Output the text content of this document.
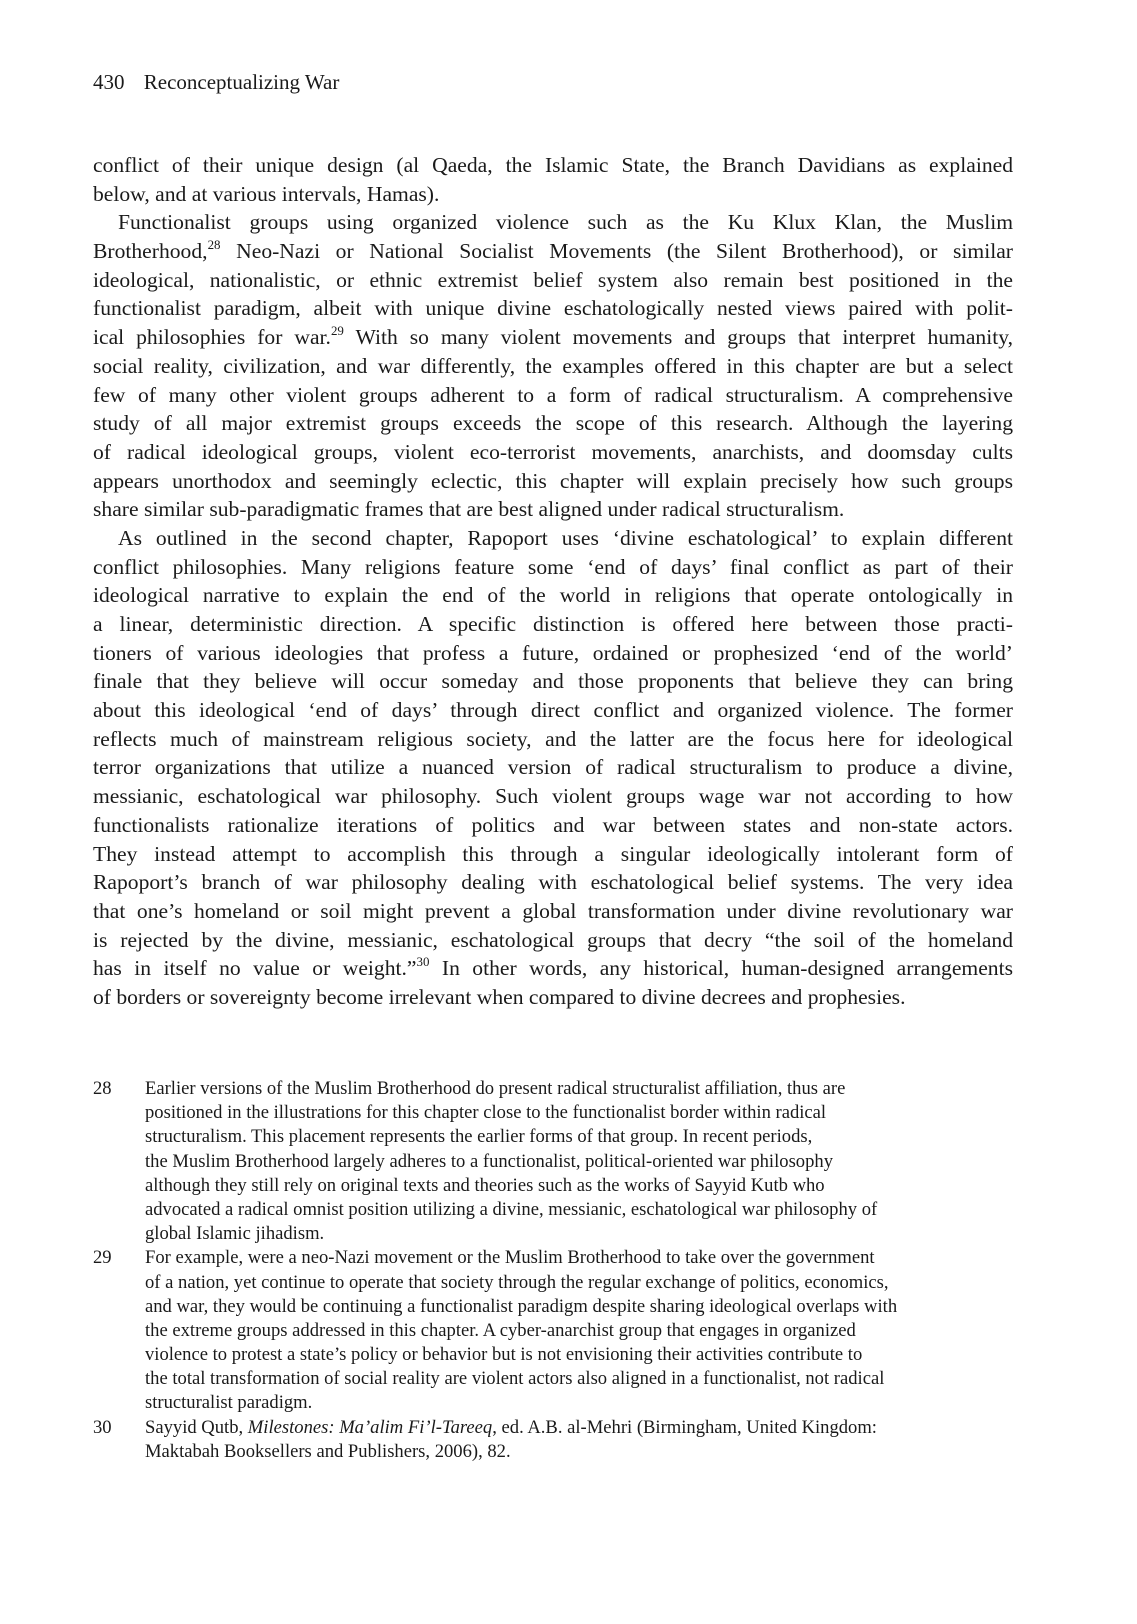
430 Reconceptualizing War
conflict of their unique design (al Qaeda, the Islamic State, the Branch Davidians as explained
below, and at various intervals, Hamas).
Functionalist groups using organized violence such as the Ku Klux Klan, the Muslim
Brotherhood,$^{28}$ Neo-Nazi or National Socialist Movements (the Silent Brotherhood), or similar
ideological, nationalistic, or ethnic extremist belief system also remain best positioned in the
functionalist paradigm, albeit with unique divine eschatologically nested views paired with polit-
ical philosophies for war.$^{29}$ With so many violent movements and groups that interpret humanity,
social reality, civilization, and war differently, the examples offered in this chapter are but a select
few of many other violent groups adherent to a form of radical structuralism. A comprehensive
study of all major extremist groups exceeds the scope of this research. Although the layering
of radical ideological groups, violent eco-terrorist movements, anarchists, and doomsday cults
appears unorthodox and seemingly eclectic, this chapter will explain precisely how such groups
share similar sub-paradigmatic frames that are best aligned under radical structuralism.
As outlined in the second chapter, Rapoport uses ‘divine eschatological’ to explain different
conflict philosophies. Many religions feature some ‘end of days’ final conflict as part of their
ideological narrative to explain the end of the world in religions that operate ontologically in
a linear, deterministic direction. A specific distinction is offered here between those practi-
tioners of various ideologies that profess a future, ordained or prophesized ‘end of the world’
finale that they believe will occur someday and those proponents that believe they can bring
about this ideological ‘end of days’ through direct conflict and organized violence. The former
reflects much of mainstream religious society, and the latter are the focus here for ideological
terror organizations that utilize a nuanced version of radical structuralism to produce a divine,
messianic, eschatological war philosophy. Such violent groups wage war not according to how
functionalists rationalize iterations of politics and war between states and non-state actors.
They instead attempt to accomplish this through a singular ideologically intolerant form of
Rapoport’s branch of war philosophy dealing with eschatological belief systems. The very idea
that one’s homeland or soil might prevent a global transformation under divine revolutionary war
is rejected by the divine, messianic, eschatological groups that decry “the soil of the homeland
has in itself no value or weight.”$^{30}$ In other words, any historical, human-designed arrangements
of borders or sovereignty become irrelevant when compared to divine decrees and prophesies.
28	Earlier versions of the Muslim Brotherhood do present radical structuralist affiliation, thus are
positioned in the illustrations for this chapter close to the functionalist border within radical
structuralism. This placement represents the earlier forms of that group. In recent periods,
the Muslim Brotherhood largely adheres to a functionalist, political-oriented war philosophy
although they still rely on original texts and theories such as the works of Sayyid Kutb who
advocated a radical omnist position utilizing a divine, messianic, eschatological war philosophy of
global Islamic jihadism.
29	For example, were a neo-Nazi movement or the Muslim Brotherhood to take over the government
of a nation, yet continue to operate that society through the regular exchange of politics, economics,
and war, they would be continuing a functionalist paradigm despite sharing ideological overlaps with
the extreme groups addressed in this chapter. A cyber-anarchist group that engages in organized
violence to protest a state’s policy or behavior but is not envisioning their activities contribute to
the total transformation of social reality are violent actors also aligned in a functionalist, not radical
structuralist paradigm.
30	Sayyid Qutb, Milestones: Ma’alim Fi’l-Tareeq, ed. A.B. al-Mehri (Birmingham, United Kingdom:
Maktabah Booksellers and Publishers, 2006), 82.
